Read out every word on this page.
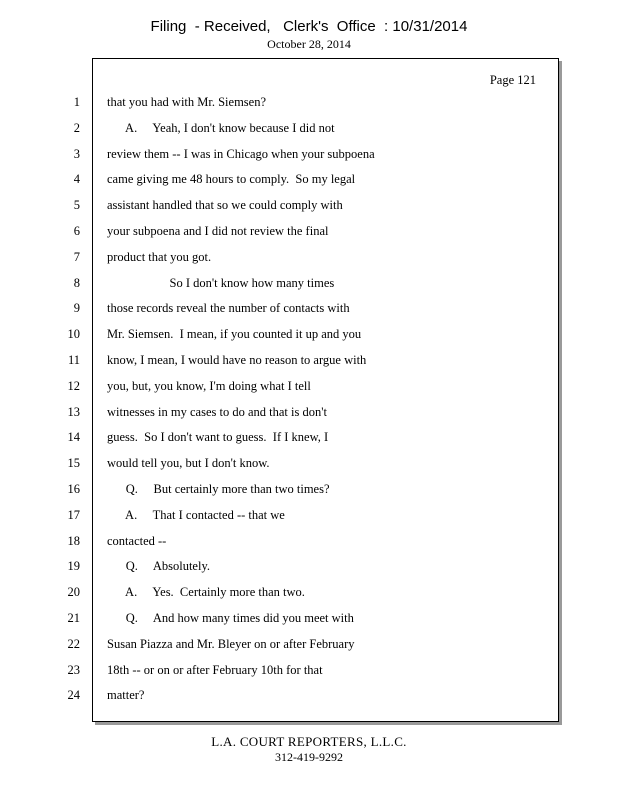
Filing  - Received,   Clerk's  Office  : 10/31/2014
October 28, 2014
Page 121
1 that you had with Mr. Siemsen?
2 A.     Yeah, I don't know because I did not
3 review them -- I was in Chicago when your subpoena
4 came giving me 48 hours to comply.  So my legal
5 assistant handled that so we could comply with
6 your subpoena and I did not review the final
7 product that you got.
8 So I don't know how many times
9 those records reveal the number of contacts with
10 Mr. Siemsen.  I mean, if you counted it up and you
11 know, I mean, I would have no reason to argue with
12 you, but, you know, I'm doing what I tell
13 witnesses in my cases to do and that is don't
14 guess.  So I don't want to guess.  If I knew, I
15 would tell you, but I don't know.
16 Q.     But certainly more than two times?
17 A.     That I contacted -- that we
18 contacted --
19 Q.     Absolutely.
20 A.     Yes.  Certainly more than two.
21 Q.     And how many times did you meet with
22 Susan Piazza and Mr. Bleyer on or after February
23 18th -- or on or after February 10th for that
24 matter?
L.A. COURT REPORTERS, L.L.C.
312-419-9292
